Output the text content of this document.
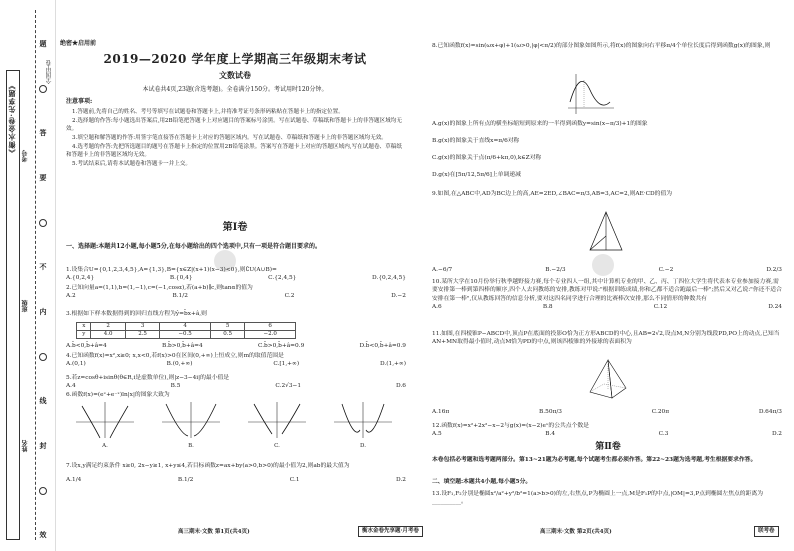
《衡水金卷·先享题》
姓名
班级
考号
题
答
要
不
内
线
封
效
全国甲卷
绝密★启用前
2019—2020 学年度上学期高三年级期末考试
文数试卷
本试卷共4页,23题(含选考题)。全卷满分150分。考试用时120分钟。
注意事项:

1.答题前,先将自己的姓名、考号等填写在试题卷和答题卡上,并将准考证号条形码粘贴在答题卡上的指定位置。

2.选择题的作答:每小题选出答案后,用2B铅笔把答题卡上对应题目的答案标号涂黑。写在试题卷、草稿纸和答题卡上的非答题区域均无效。

3.填空题和解答题的作答:用签字笔直接答在答题卡上对应的答题区域内。写在试题卷、草稿纸和答题卡上的非答题区域均无效。

4.选考题的作答:先把所选题目的题号在答题卡上指定的位置用2B铅笔涂黑。答案写在答题卡上对应的答题区域内,写在试题卷、草稿纸和答题卡上的非答题区域均无效。

5.考试结束后,请将本试题卷和答题卡一并上交。

第Ⅰ卷
一、选择题:本题共12小题,每小题5分,在每小题给出的四个选项中,只有一项是符合题目要求的。
1.设集合U={0,1,2,3,4,5},A={1,3},B={x∈Z|(x+1)(x−3)<0},则∁U(A∪B)=
A.{0,2,4}	B.{0,4}	C.{2,4,5}	D.{0,2,4,5}
2.已知向量a=(1,1),b=(1,−1),c=(−1,cosα),若(a+b)∥c,则tanα的值为
A.2	B.1/2	C.2	D.−2
3.根据如下样本数据得到的回归直线方程为ŷ=b̂x+â,则
x	2	3	4	5	6
y	4.0	2.5	−0.5	0.5	−2.0
A.b̂<0,b̂+â=4	B.b̂>0,b̂+â=4	C.b̂>0,b̂+â=0.9	D.b̂<0,b̂+â=0.9
4.已知函数f(x)=x²,x≥0; x,x<0,若f(x)>0在区间(0,+∞)上恒成立,则m的取值范围是
A.(0,1)	B.(0,+∞)	C.[1,+∞)	D.(1,+∞)
5.若z=cosθ+isinθ(θ∈R,i是虚数单位),则|z−3−4i|的最小值是
A.4	B.5	C.2√3−1	D.6
6.函数f(x)=(eˣ+e⁻ˣ)ln|x|的图象大致为
A.	B.	C.	D.
7.设x,y满足约束条件 x≥0, 2x−y≥1, x+y≤4,若目标函数z=ax+by(a>0,b>0)的最小值为2,则ab的最大值为
A.1/4	B.1/2	C.1	D.2
8.已知函数f(x)=sin(ωx+φ)+1(ω>0,|φ|<π/2)的部分图象如图所示,将f(x)的图象向右平移π/4个单位长度后得到函数g(x)的图象,则
A.g(x)的图象上所有点的横坐标缩短到原来的一半得到函数y=sin(x−π/3)+1的图象
B.g(x)的图象关于直线x=π/6对称
C.g(x)的图象关于点(π/6+kπ,0),k∈Z对称
D.g(x)在[5π/12,5π/6]上单调递减
9.如图,在△ABC中,AD为BC边上的高,AE=2ED,∠BAC=π/3,AB=3,AC=2,则AE·CD的值为
A.−6/7	B.−2/3	C.−2	D.2/3
10.某所大学在10月份举行秋季越野接力赛,每个专业四人一组,其中计算机专业的甲、乙、丙、丁四位大学生将代表本专业参加接力赛,需要安排第一棒到第四棒的顺序,四个人去问教练的安排,教练对甲说:"根据训练成绩,你和乙都不适合跑最后一棒";然后又对乙说:"你还不适合安排在第一棒",仅从教练回答的信息分析,要对这四名同学进行合理的比赛棒次安排,那么不同情形的种数共有
A.6	B.8	C.12	D.24
11.如图,在四棱锥P−ABCD中,顶点P在底面的投影O恰为正方形ABCD的中心,且AB=2√2,设点M,N分别为线段PD,PO上的动点,已知当AN+MN取得最小值时,动点M恰为PD的中点,则该四棱锥的外接球的表面积为
A.16π	B.50π/3	C.20π	D.64π/3
12.函数f(x)=x²+2x²−x−2与g(x)=(x−2)eˣ的公共点个数是
A.5	B.4	C.3	D.2
第Ⅱ卷
本卷包括必考题和选考题两部分。第13~21题为必考题,每个试题考生都必须作答。第22~23题为选考题,考生根据要求作答。
二、填空题:本题共4小题,每小题5分。
13.设F₁,F₂分别是椭圆x²/a²+y²/b²=1(a>b>0)的左,右焦点,P为椭圆上一点,M是F₁P的中点,|OM|=3,P点到椭圆左焦点的距离为__________。
高三期末·文数 第1页(共4页)	衡水金卷先享题·月考卷	高三期末·文数 第2页(共4页)	联考卷
